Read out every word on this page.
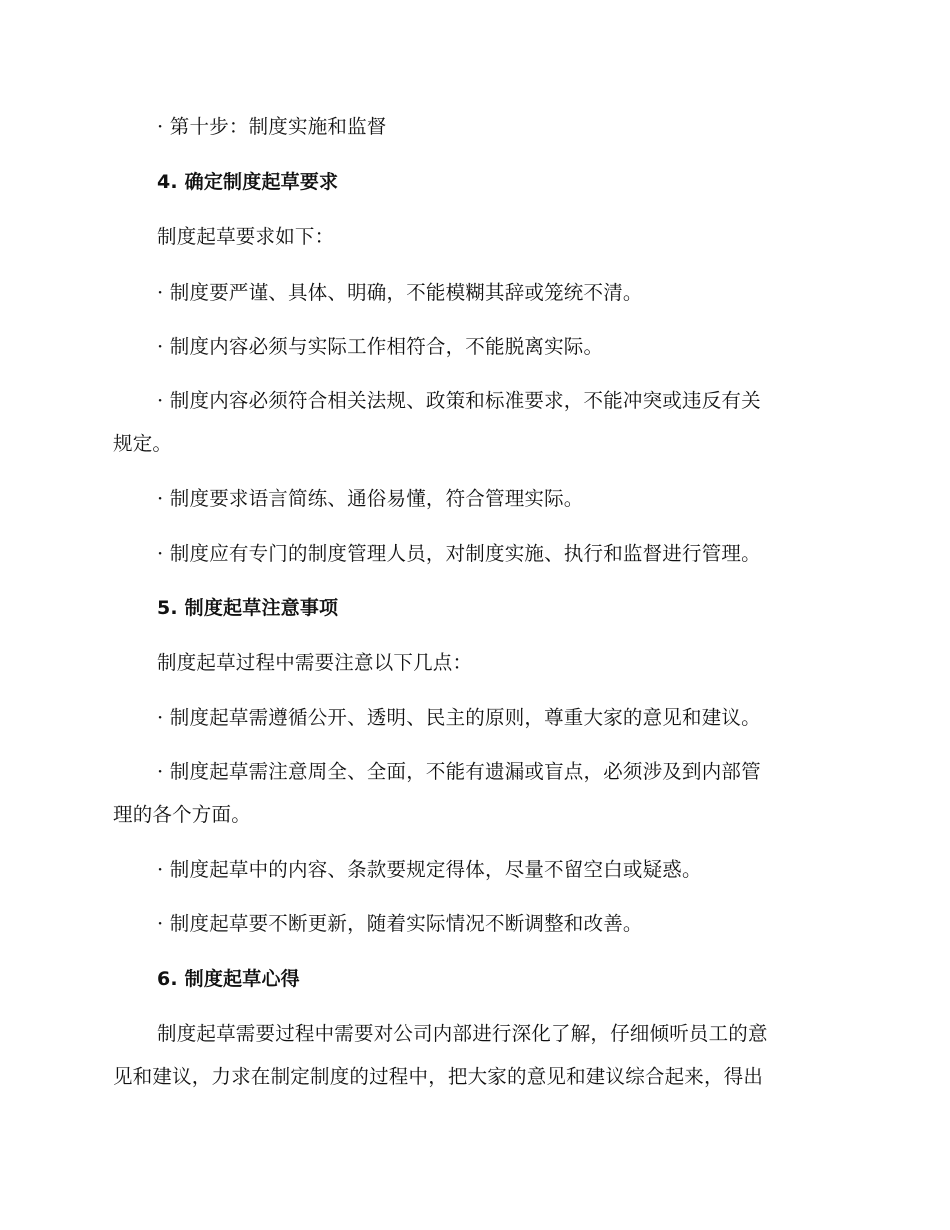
· 第十步：制度实施和监督
4. 确定制度起草要求
制度起草要求如下：
· 制度要严谨、具体、明确，不能模糊其辞或笼统不清。
· 制度内容必须与实际工作相符合，不能脱离实际。
· 制度内容必须符合相关法规、政策和标准要求，不能冲突或违反有关
规定。
· 制度要求语言简练、通俗易懂，符合管理实际。
· 制度应有专门的制度管理人员，对制度实施、执行和监督进行管理。
5. 制度起草注意事项
制度起草过程中需要注意以下几点：
· 制度起草需遵循公开、透明、民主的原则，尊重大家的意见和建议。
· 制度起草需注意周全、全面，不能有遗漏或盲点，必须涉及到内部管
理的各个方面。
· 制度起草中的内容、条款要规定得体，尽量不留空白或疑惑。
· 制度起草要不断更新，随着实际情况不断调整和改善。
6. 制度起草心得
制度起草需要过程中需要对公司内部进行深化了解，仔细倾听员工的意
见和建议，力求在制定制度的过程中，把大家的意见和建议综合起来，得出
